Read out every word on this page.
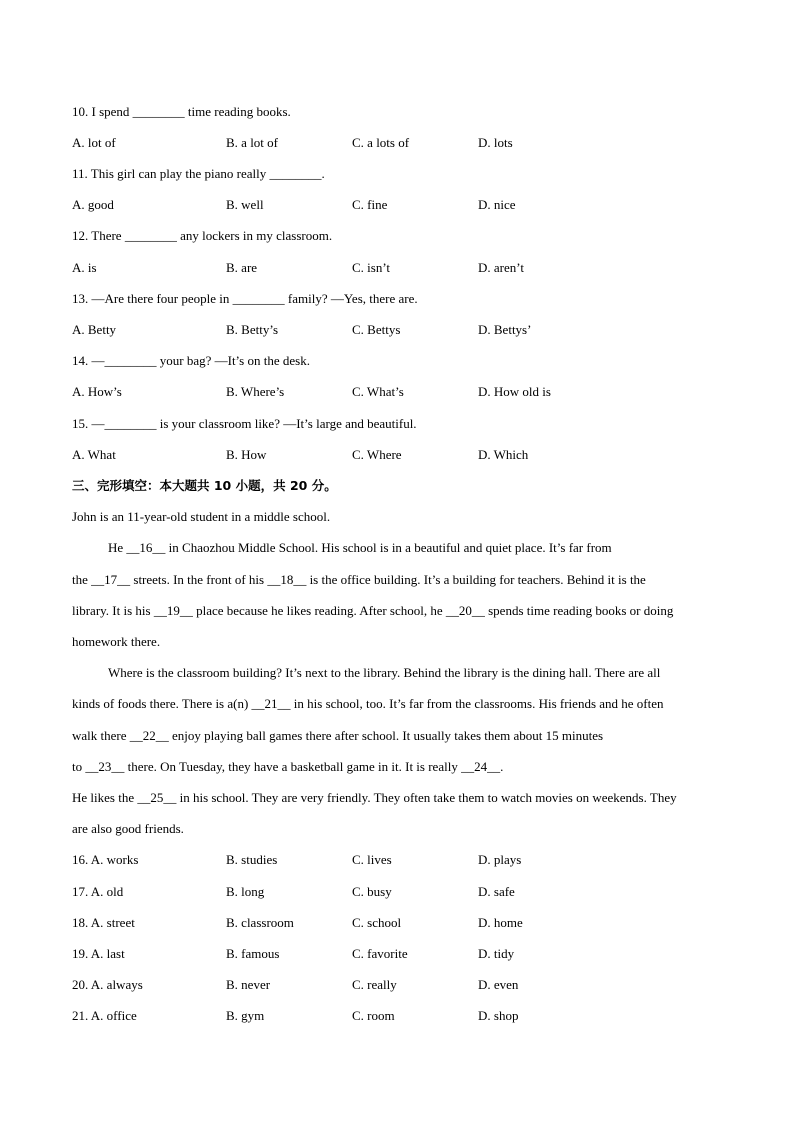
10. I spend ________ time reading books.
A. lot of	B. a lot of	C. a lots of	D. lots
11. This girl can play the piano really ________.
A. good	B. well	C. fine	D. nice
12. There ________ any lockers in my classroom.
A. is	B. are	C. isn’t	D. aren’t
13. —Are there four people in ________ family? —Yes, there are.
A. Betty	B. Betty’s	C. Bettys	D. Bettys’
14. —________ your bag? —It’s on the desk.
A. How’s	B. Where’s	C. What’s	D. How old is
15. —________ is your classroom like? —It’s large and beautiful.
A. What	B. How	C. Where	D. Which
三、完形填空：本大题共 10 小题，共 20 分。
John is an 11-year-old student in a middle school.
He __16__ in Chaozhou Middle School. His school is in a beautiful and quiet place. It’s far from
the __17__ streets. In the front of his __18__ is the office building. It’s a building for teachers. Behind it is the
library. It is his __19__ place because he likes reading. After school, he __20__ spends time reading books or doing
homework there.
Where is the classroom building? It’s next to the library. Behind the library is the dining hall. There are all
kinds of foods there. There is a(n) __21__ in his school, too. It’s far from the classrooms. His friends and he often
walk there __22__ enjoy playing ball games there after school. It usually takes them about 15 minutes
to __23__ there. On Tuesday, they have a basketball game in it. It is really __24__.
He likes the __25__ in his school. They are very friendly. They often take them to watch movies on weekends. They
are also good friends.
16. A. works	B. studies	C. lives	D. plays
17. A. old	B. long	C. busy	D. safe
18. A. street	B. classroom	C. school	D. home
19. A. last	B. famous	C. favorite	D. tidy
20. A. always	B. never	C. really	D. even
21. A. office	B. gym	C. room	D. shop
